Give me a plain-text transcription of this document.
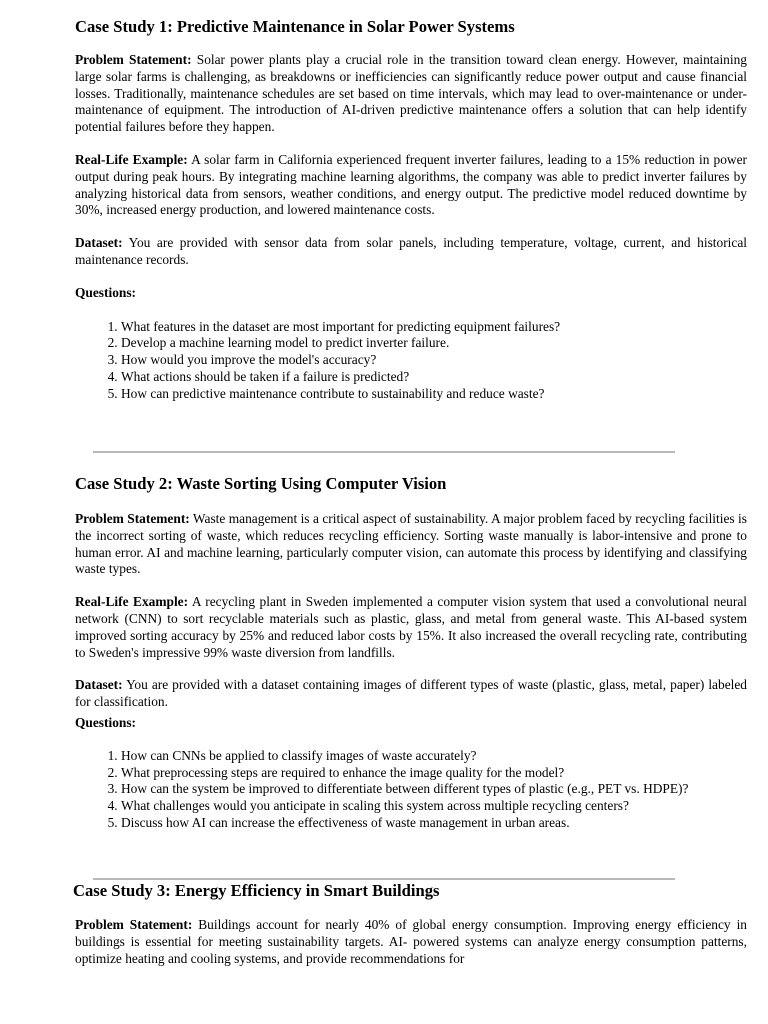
Case Study 1: Predictive Maintenance in Solar Power Systems

Problem Statement: Solar power plants play a crucial role in the transition toward clean energy. However, maintaining large solar farms is challenging, as breakdowns or inefficiencies can significantly reduce power output and cause financial losses. Traditionally, maintenance schedules are set based on time intervals, which may lead to over-maintenance or under- maintenance of equipment. The introduction of AI-driven predictive maintenance offers a solution that can help identify potential failures before they happen.

Real-Life Example: A solar farm in California experienced frequent inverter failures, leading to a 15% reduction in power output during peak hours. By integrating machine learning algorithms, the company was able to predict inverter failures by analyzing historical data from sensors, weather conditions, and energy output. The predictive model reduced downtime by 30%, increased energy production, and lowered maintenance costs.

Dataset: You are provided with sensor data from solar panels, including temperature, voltage, current, and historical maintenance records.

Questions:
1. What features in the dataset are most important for predicting equipment failures?
2. Develop a machine learning model to predict inverter failure.
3. How would you improve the model's accuracy?
4. What actions should be taken if a failure is predicted?
5. How can predictive maintenance contribute to sustainability and reduce waste?
Case Study 2: Waste Sorting Using Computer Vision

Problem Statement: Waste management is a critical aspect of sustainability. A major problem faced by recycling facilities is the incorrect sorting of waste, which reduces recycling efficiency. Sorting waste manually is labor-intensive and prone to human error. AI and machine learning, particularly computer vision, can automate this process by identifying and classifying waste types.

Real-Life Example: A recycling plant in Sweden implemented a computer vision system that used a convolutional neural network (CNN) to sort recyclable materials such as plastic, glass, and metal from general waste. This AI-based system improved sorting accuracy by 25% and reduced labor costs by 15%. It also increased the overall recycling rate, contributing to Sweden's impressive 99% waste diversion from landfills.

Dataset: You are provided with a dataset containing images of different types of waste (plastic, glass, metal, paper) labeled for classification.

Questions:
1. How can CNNs be applied to classify images of waste accurately?
2. What preprocessing steps are required to enhance the image quality for the model?
3. How can the system be improved to differentiate between different types of plastic (e.g., PET vs. HDPE)?
4. What challenges would you anticipate in scaling this system across multiple recycling centers?
5. Discuss how AI can increase the effectiveness of waste management in urban areas.
Case Study 3: Energy Efficiency in Smart Buildings

Problem Statement: Buildings account for nearly 40% of global energy consumption. Improving energy efficiency in buildings is essential for meeting sustainability targets. AI- powered systems can analyze energy consumption patterns, optimize heating and cooling systems, and provide recommendations for
